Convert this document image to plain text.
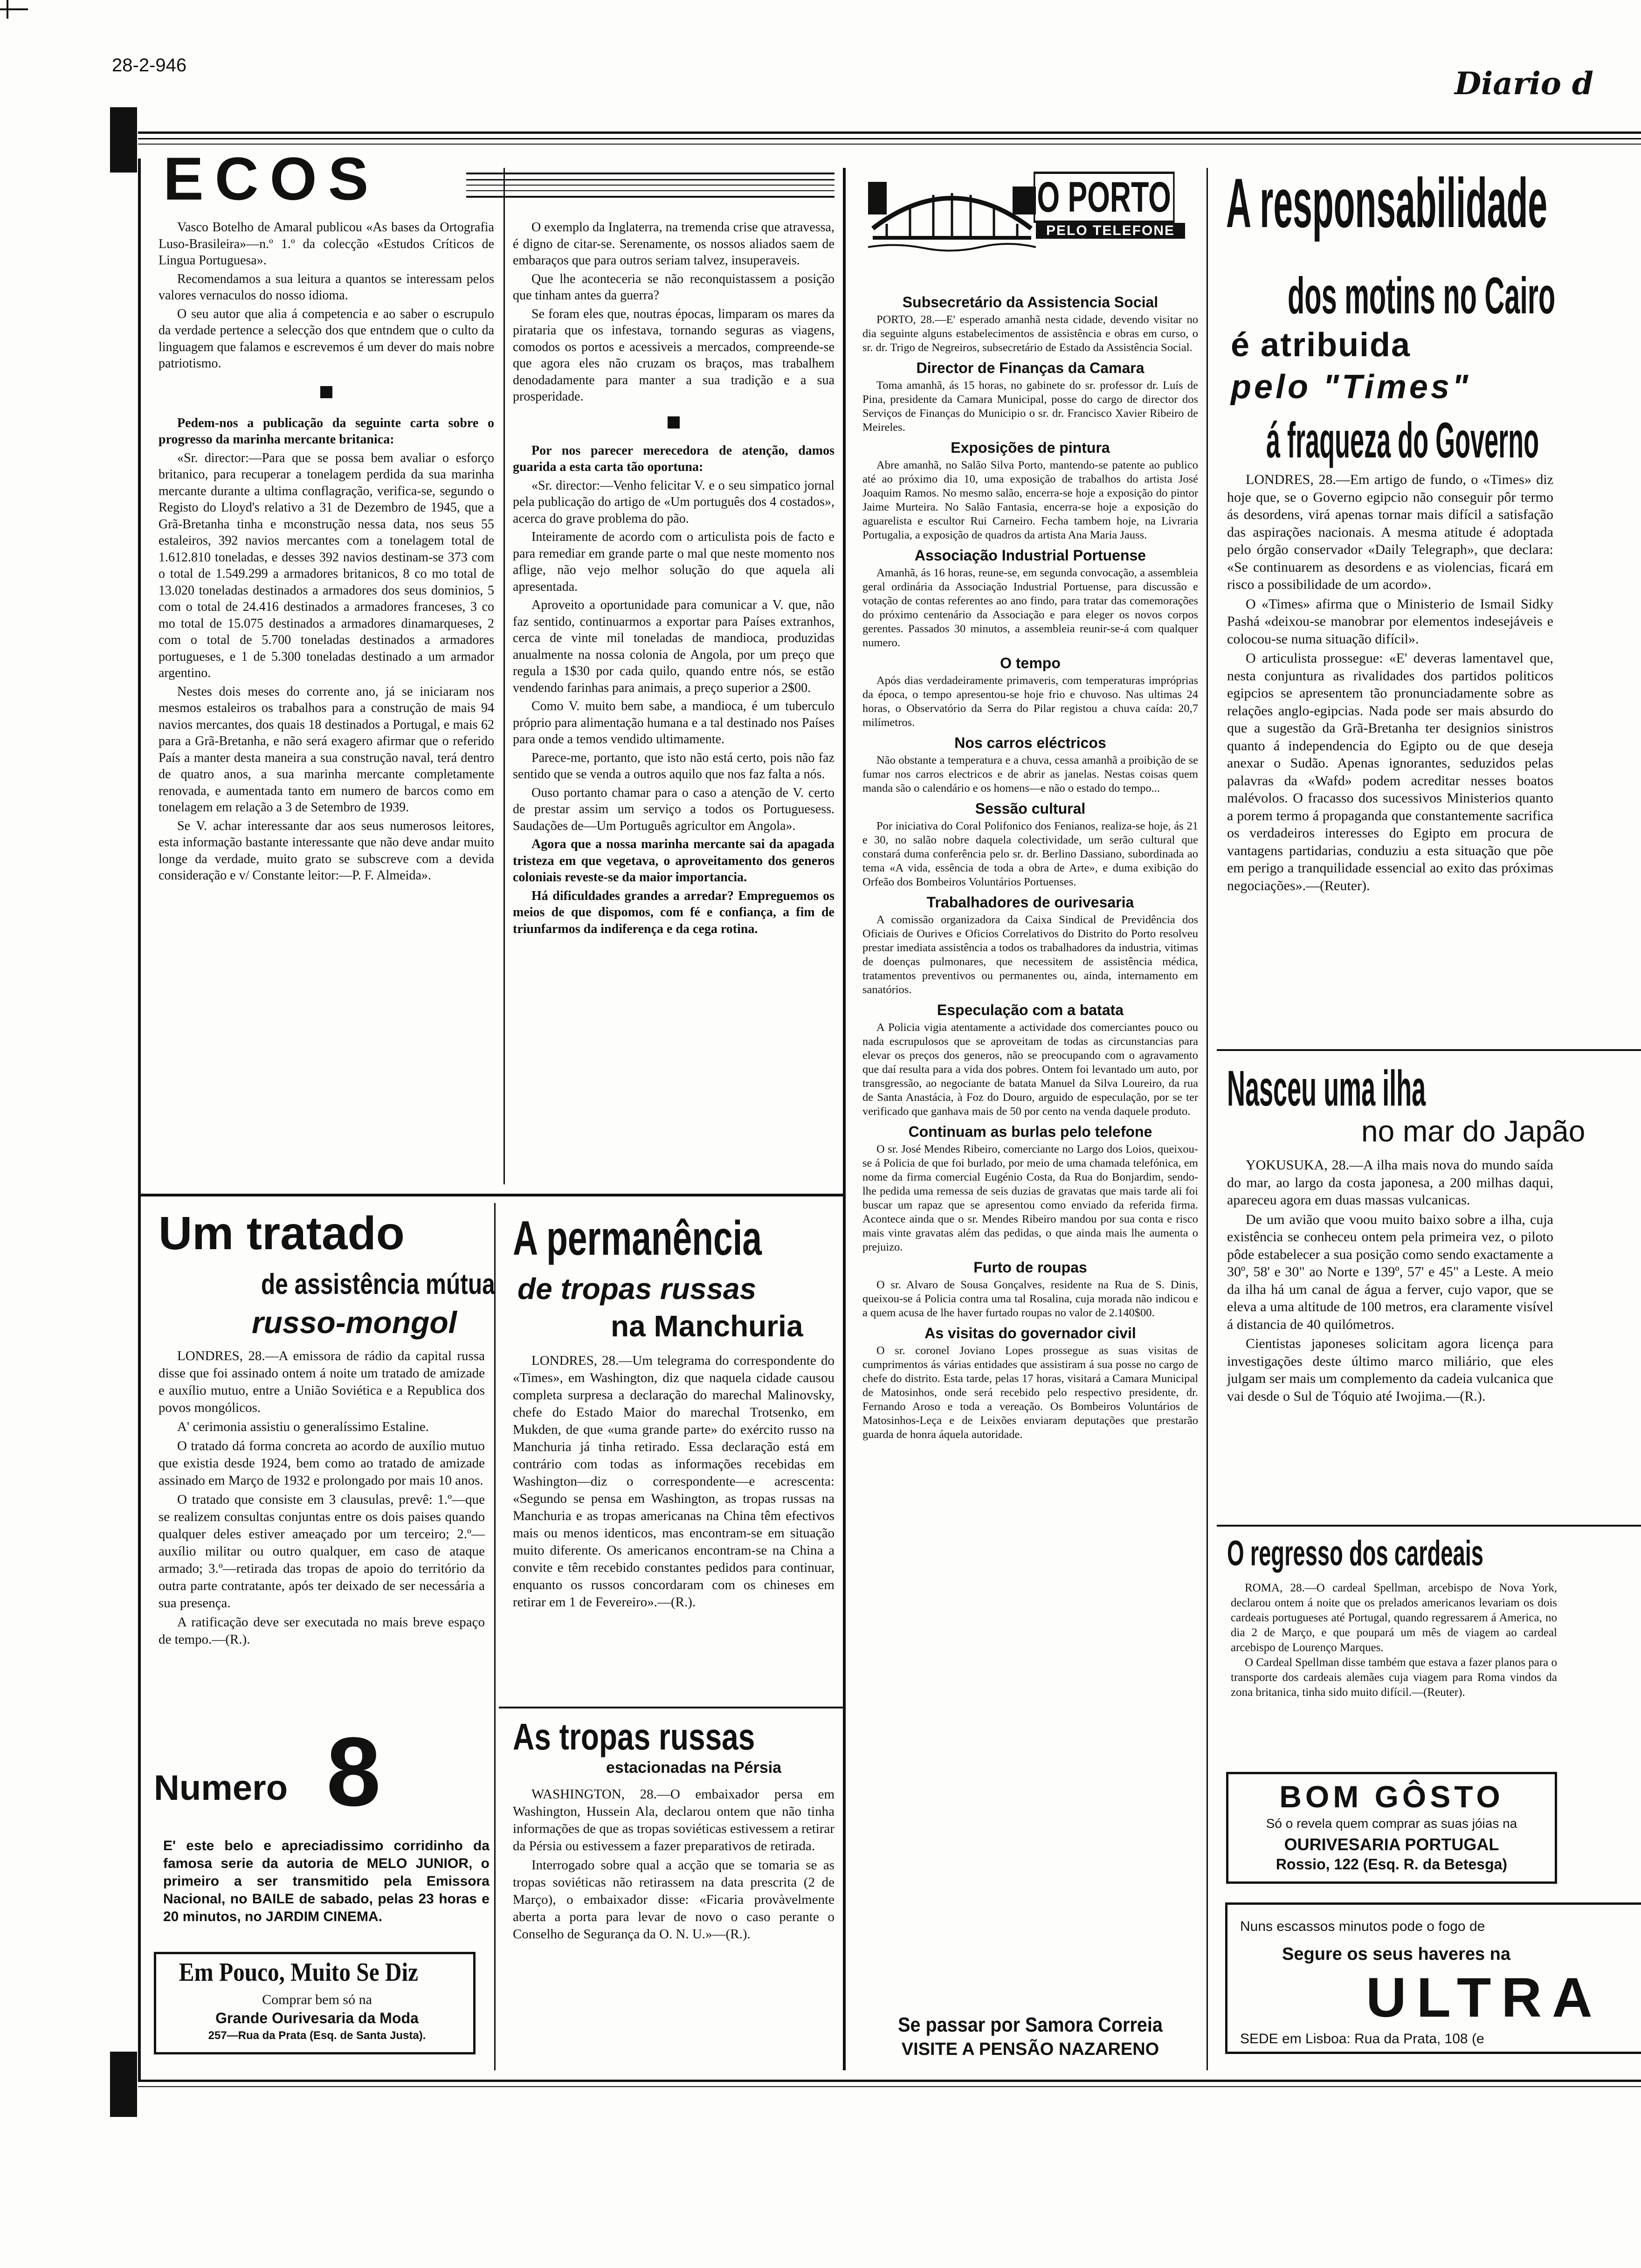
28-2-946	Diario d
ECOS

Vasco Botelho de Amaral publicou «As bases da Ortografia Luso-Brasileira»—n.º 1.º da colecção «Estudos Críticos de Lingua Portuguesa».

Recomendamos a sua leitura a quantos se interessam pelos valores vernaculos do nosso idioma.

O seu autor que alia á competencia e ao saber o escrupulo da verdade pertence a selecção dos que entndem que o culto da linguagem que falamos e escrevemos é um dever do mais nobre patriotismo.

Pedem-nos a publicação da seguinte carta sobre o progresso da marinha mercante britanica:

«Sr. director:—Para que se possa bem avaliar o esforço britanico, para recuperar a tonelagem perdida da sua marinha mercante durante a ultima conflagração, verifica-se, segundo o Registo do Lloyd's relativo a 31 de Dezembro de 1945, que a Grã-Bretanha tinha e mconstrução nessa data, nos seus 55 estaleiros, 392 navios mercantes com a tonelagem total de 1.612.810 toneladas, e desses 392 navios destinam-se 373 com o total de 1.549.299 a armadores britanicos, 8 co mo total de 13.020 toneladas destinados a armadores dos seus dominios, 5 com o total de 24.416 destinados a armadores franceses, 3 co mo total de 15.075 destinados a armadores dinamarqueses, 2 com o total de 5.700 toneladas destinados a armadores portugueses, e 1 de 5.300 toneladas destinado a um armador argentino.

Nestes dois meses do corrente ano, já se iniciaram nos mesmos estaleiros os trabalhos para a construção de mais 94 navios mercantes, dos quais 18 destinados a Portugal, e mais 62 para a Grã-Bretanha, e não será exagero afirmar que o referido País a manter desta maneira a sua construção naval, terá dentro de quatro anos, a sua marinha mercante completamente renovada, e aumentada tanto em numero de barcos como em tonelagem em relação a 3 de Setembro de 1939.

Se V. achar interessante dar aos seus numerosos leitores, esta informação bastante interessante que não deve andar muito longe da verdade, muito grato se subscreve com a devida consideração e v/ Constante leitor:—P. F. Almeida».

O exemplo da Inglaterra, na tremenda crise que atravessa, é digno de citar-se. Serenamente, os nossos aliados saem de embaraços que para outros seriam talvez, insuperaveis.

Que lhe aconteceria se não reconquistassem a posição que tinham antes da guerra?

Se foram eles que, noutras épocas, limparam os mares da pirataria que os infestava, tornando seguras as viagens, comodos os portos e acessiveis a mercados, compreende-se que agora eles não cruzam os braços, mas trabalhem denodadamente para manter a sua tradição e a sua prosperidade.

Por nos parecer merecedora de atenção, damos guarida a esta carta tão oportuna:

«Sr. director:—Venho felicitar V. e o seu simpatico jornal pela publicação do artigo de «Um português dos 4 costados», acerca do grave problema do pão.

Inteiramente de acordo com o articulista pois de facto e para remediar em grande parte o mal que neste momento nos aflige, não vejo melhor solução do que aquela ali apresentada.

Aproveito a oportunidade para comunicar a V. que, não faz sentido, continuarmos a exportar para Países extranhos, cerca de vinte mil toneladas de mandioca, produzidas anualmente na nossa colonia de Angola, por um preço que regula a 1$30 por cada quilo, quando entre nós, se estão vendendo farinhas para animais, a preço superior a 2$00.

Como V. muito bem sabe, a mandioca, é um tuberculo próprio para alimentação humana e a tal destinado nos Países para onde a temos vendido ultimamente.

Parece-me, portanto, que isto não está certo, pois não faz sentido que se venda a outros aquilo que nos faz falta a nós.

Ouso portanto chamar para o caso a atenção de V. certo de prestar assim um serviço a todos os Portuguesess. Saudações de—Um Português agricultor em Angola».

Agora que a nossa marinha mercante sai da apagada tristeza em que vegetava, o aproveitamento dos generos coloniais reveste-se da maior importancia.

Há dificuldades grandes a arredar? Empreguemos os meios de que dispomos, com fé e confiança, a fim de triunfarmos da indiferença e da cega rotina.

Um tratado
de assistência mútua
russo-mongol

LONDRES, 28.—A emissora de rádio da capital russa disse que foi assinado ontem á noite um tratado de amizade e auxílio mutuo, entre a União Soviética e a Republica dos povos mongólicos.

A' cerimonia assistiu o generalíssimo Estaline.

O tratado dá forma concreta ao acordo de auxílio mutuo que existia desde 1924, bem como ao tratado de amizade assinado em Março de 1932 e prolongado por mais 10 anos.

O tratado que consiste em 3 clausulas, prevê: 1.º—que se realizem consultas conjuntas entre os dois paises quando qualquer deles estiver ameaçado por um terceiro; 2.º—auxílio militar ou outro qualquer, em caso de ataque armado; 3.º—retirada das tropas de apoio do território da outra parte contratante, após ter deixado de ser necessária a sua presença.

A ratificação deve ser executada no mais breve espaço de tempo.—(R.).

Numero 8
E' este belo e apreciadissimo corridinho da famosa serie da autoria de MELO JUNIOR, o primeiro a ser transmitido pela Emissora Nacional, no BAILE de sabado, pelas 23 horas e 20 minutos, no JARDIM CINEMA.
Em Pouco, Muito Se Diz
Comprar bem só na
Grande Ourivesaria da Moda
257—Rua da Prata (Esq. de Santa Justa).
A permanência
de tropas russas
na Manchuria

LONDRES, 28.—Um telegrama do correspondente do «Times», em Washington, diz que naquela cidade causou completa surpresa a declaração do marechal Malinovsky, chefe do Estado Maior do marechal Trotsenko, em Mukden, de que «uma grande parte» do exército russo na Manchuria já tinha retirado. Essa declaração está em contrário com todas as informações recebidas em Washington—diz o correspondente—e acrescenta: «Segundo se pensa em Washington, as tropas russas na Manchuria e as tropas americanas na China têm efectivos mais ou menos identicos, mas encontram-se em situação muito diferente. Os americanos encontram-se na China a convite e têm recebido constantes pedidos para continuar, enquanto os russos concordaram com os chineses em retirar em 1 de Fevereiro».—(R.).

As tropas russas
estacionadas na Pérsia

WASHINGTON, 28.—O embaixador persa em Washington, Hussein Ala, declarou ontem que não tinha informações de que as tropas soviéticas estivessem a retirar da Pérsia ou estivessem a fazer preparativos de retirada.

Interrogado sobre qual a acção que se tomaria se as tropas soviéticas não retirassem na data prescrita (2 de Março), o embaixador disse: «Ficaria provàvelmente aberta a porta para levar de novo o caso perante o Conselho de Segurança da O. N. U.»—(R.).

O PORTO
PELO TELEFONE
Subsecretário da Assistencia Social
PORTO, 28.—E' esperado amanhã nesta cidade, devendo visitar no dia seguinte alguns estabelecimentos de assistência e obras em curso, o sr. dr. Trigo de Negreiros, subsecretário de Estado da Assistência Social.
Director de Finanças da Camara
Toma amanhã, ás 15 horas, no gabinete do sr. professor dr. Luís de Pina, presidente da Camara Municipal, posse do cargo de director dos Serviços de Finanças do Municipio o sr. dr. Francisco Xavier Ribeiro de Meireles.
Exposições de pintura
Abre amanhã, no Salão Silva Porto, mantendo-se patente ao publico até ao próximo dia 10, uma exposição de trabalhos do artista José Joaquim Ramos. No mesmo salão, encerra-se hoje a exposição do pintor Jaime Murteira. No Salão Fantasia, encerra-se hoje a exposição do aguarelista e escultor Rui Carneiro. Fecha tambem hoje, na Livraria Portugalia, a exposição de quadros da artista Ana Maria Jauss.
Associação Industrial Portuense
Amanhã, ás 16 horas, reune-se, em segunda convocação, a assembleia geral ordinária da Associação Industrial Portuense, para discussão e votação de contas referentes ao ano findo, para tratar das comemorações do próximo centenário da Associação e para eleger os novos corpos gerentes. Passados 30 minutos, a assembleia reunir-se-á com qualquer numero.
O tempo
Após dias verdadeiramente primaveris, com temperaturas impróprias da época, o tempo apresentou-se hoje frio e chuvoso. Nas ultimas 24 horas, o Observatório da Serra do Pilar registou a chuva caída: 20,7 milímetros.
Nos carros eléctricos
Não obstante a temperatura e a chuva, cessa amanhã a proibição de se fumar nos carros electricos e de abrir as janelas. Nestas coisas quem manda são o calendário e os homens—e não o estado do tempo...
Sessão cultural
Por iniciativa do Coral Polifonico dos Fenianos, realiza-se hoje, ás 21 e 30, no salão nobre daquela colectividade, um serão cultural que constará duma conferência pelo sr. dr. Berlino Dassiano, subordinada ao tema «A vida, essência de toda a obra de Arte», e duma exibição do Orfeão dos Bombeiros Voluntários Portuenses.
Trabalhadores de ourivesaria
A comissão organizadora da Caixa Sindical de Previdência dos Oficiais de Ourives e Oficios Correlativos do Distrito do Porto resolveu prestar imediata assistência a todos os trabalhadores da industria, vitimas de doenças pulmonares, que necessitem de assistência médica, tratamentos preventivos ou permanentes ou, ainda, internamento em sanatórios.
Especulação com a batata
A Policia vigia atentamente a actividade dos comerciantes pouco ou nada escrupulosos que se aproveitam de todas as circunstancias para elevar os preços dos generos, não se preocupando com o agravamento que daí resulta para a vida dos pobres. Ontem foi levantado um auto, por transgressão, ao negociante de batata Manuel da Silva Loureiro, da rua de Santa Anastácia, à Foz do Douro, arguido de especulação, por se ter verificado que ganhava mais de 50 por cento na venda daquele produto.
Continuam as burlas pelo telefone
O sr. José Mendes Ribeiro, comerciante no Largo dos Loios, queixou-se á Policia de que foi burlado, por meio de uma chamada telefónica, em nome da firma comercial Eugénio Costa, da Rua do Bonjardim, sendo-lhe pedida uma remessa de seis duzias de gravatas que mais tarde ali foi buscar um rapaz que se apresentou como enviado da referida firma. Acontece ainda que o sr. Mendes Ribeiro mandou por sua conta e risco mais vinte gravatas além das pedidas, o que ainda mais lhe aumenta o prejuizo.
Furto de roupas
O sr. Alvaro de Sousa Gonçalves, residente na Rua de S. Dinis, queixou-se á Policia contra uma tal Rosalina, cuja morada não indicou e a quem acusa de lhe haver furtado roupas no valor de 2.140$00.
As visitas do governador civil
O sr. coronel Joviano Lopes prossegue as suas visitas de cumprimentos ás várias entidades que assistiram á sua posse no cargo de chefe do distrito. Esta tarde, pelas 17 horas, visitará a Camara Municipal de Matosinhos, onde será recebido pelo respectivo presidente, dr. Fernando Aroso e toda a vereação. Os Bombeiros Voluntários de Matosinhos-Leça e de Leixões enviaram deputações que prestarão guarda de honra áquela autoridade.
Se passar por Samora Correia
VISITE A PENSÃO NAZARENO
A responsabilidade
dos motins no Cairo
é atribuida
pelo "Times"
á fraqueza do Governo

LONDRES, 28.—Em artigo de fundo, o «Times» diz hoje que, se o Governo egipcio não conseguir pôr termo ás desordens, virá apenas tornar mais difícil a satisfação das aspirações nacionais. A mesma atitude é adoptada pelo órgão conservador «Daily Telegraph», que declara: «Se continuarem as desordens e as violencias, ficará em risco a possibilidade de um acordo».

O «Times» afirma que o Ministerio de Ismail Sidky Pashá «deixou-se manobrar por elementos indesejáveis e colocou-se numa situação difícil».

O articulista prossegue: «E' deveras lamentavel que, nesta conjuntura as rivalidades dos partidos politicos egipcios se apresentem tão pronunciadamente sobre as relações anglo-egipcias. Nada pode ser mais absurdo do que a sugestão da Grã-Bretanha ter designios sinistros quanto á independencia do Egipto ou de que deseja anexar o Sudão. Apenas ignorantes, seduzidos pelas palavras da «Wafd» podem acreditar nesses boatos malévolos. O fracasso dos sucessivos Ministerios quanto a porem termo á propaganda que constantemente sacrifica os verdadeiros interesses do Egipto em procura de vantagens partidarias, conduziu a esta situação que põe em perigo a tranquilidade essencial ao exito das próximas negociações».—(Reuter).

Nasceu uma ilha
no mar do Japão

YOKUSUKA, 28.—A ilha mais nova do mundo saída do mar, ao largo da costa japonesa, a 200 milhas daqui, apareceu agora em duas massas vulcanicas.

De um avião que voou muito baixo sobre a ilha, cuja existência se conheceu ontem pela primeira vez, o piloto pôde estabelecer a sua posição como sendo exactamente a 30º, 58' e 30" ao Norte e 139º, 57' e 45" a Leste. A meio da ilha há um canal de água a ferver, cujo vapor, que se eleva a uma altitude de 100 metros, era claramente visível á distancia de 40 quilómetros.

Cientistas japoneses solicitam agora licença para investigações deste último marco miliário, que eles julgam ser mais um complemento da cadeia vulcanica que vai desde o Sul de Tóquio até Iwojima.—(R.).

O regresso dos cardeais

ROMA, 28.—O cardeal Spellman, arcebispo de Nova York, declarou ontem á noite que os prelados americanos levariam os dois cardeais portugueses até Portugal, quando regressarem á America, no dia 2 de Março, e que poupará um mês de viagem ao cardeal arcebispo de Lourenço Marques.

O Cardeal Spellman disse também que estava a fazer planos para o transporte dos cardeais alemães cuja viagem para Roma vindos da zona britanica, tinha sido muito difícil.—(Reuter).

BOM GÔSTO
Só o revela quem comprar as suas jóias na
OURIVESARIA PORTUGAL
Rossio, 122 (Esq. R. da Betesga)
Nuns escassos minutos pode o fogo de
Segure os seus haveres na
ULTRA
SEDE em Lisboa: Rua da Prata, 108 (e
